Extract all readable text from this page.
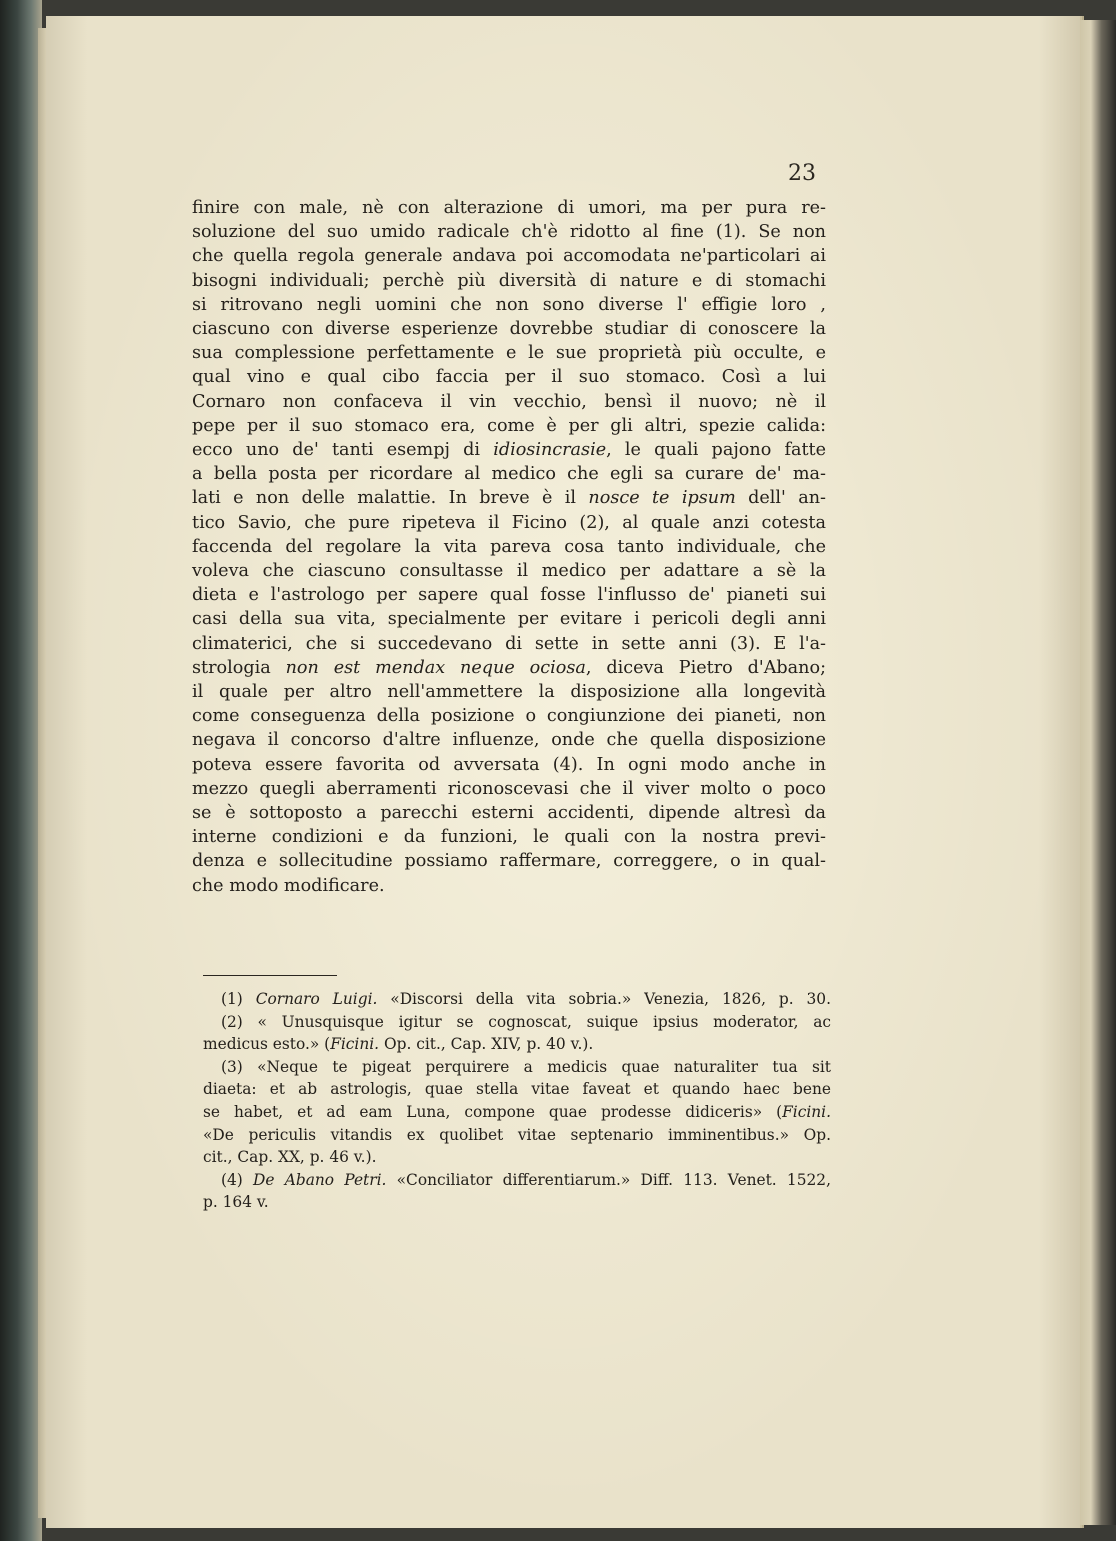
23
finire con male, nè con alterazione di umori, ma per pura re-
soluzione del suo umido radicale ch'è ridotto al fine (1). Se non
che quella regola generale andava poi accomodata ne'particolari ai
bisogni individuali; perchè più diversità di nature e di stomachi
si ritrovano negli uomini che non sono diverse l' effigie loro ,
ciascuno con diverse esperienze dovrebbe studiar di conoscere la
sua complessione perfettamente e le sue proprietà più occulte, e
qual vino e qual cibo faccia per il suo stomaco. Così a lui
Cornaro non confaceva il vin vecchio, bensì il nuovo; nè il
pepe per il suo stomaco era, come è per gli altri, spezie calida:
ecco uno de' tanti esempj di idiosincrasie, le quali pajono fatte
a bella posta per ricordare al medico che egli sa curare de' ma-
lati e non delle malattie. In breve è il nosce te ipsum dell' an-
tico Savio, che pure ripeteva il Ficino (2), al quale anzi cotesta
faccenda del regolare la vita pareva cosa tanto individuale, che
voleva che ciascuno consultasse il medico per adattare a sè la
dieta e l'astrologo per sapere qual fosse l'influsso de' pianeti sui
casi della sua vita, specialmente per evitare i pericoli degli anni
climaterici, che si succedevano di sette in sette anni (3). E l'a-
strologia non est mendax neque ociosa, diceva Pietro d'Abano;
il quale per altro nell'ammettere la disposizione alla longevità
come conseguenza della posizione o congiunzione dei pianeti, non
negava il concorso d'altre influenze, onde che quella disposizione
poteva essere favorita od avversata (4). In ogni modo anche in
mezzo quegli aberramenti riconoscevasi che il viver molto o poco
se è sottoposto a parecchi esterni accidenti, dipende altresì da
interne condizioni e da funzioni, le quali con la nostra previ-
denza e sollecitudine possiamo raffermare, correggere, o in qual-
che modo modificare.
(1) Cornaro Luigi. «Discorsi della vita sobria.» Venezia, 1826, p. 30.
(2) « Unusquisque igitur se cognoscat, suique ipsius moderator, ac
medicus esto.» (Ficini. Op. cit., Cap. XIV, p. 40 v.).
(3) «Neque te pigeat perquirere a medicis quae naturaliter tua sit
diaeta: et ab astrologis, quae stella vitae faveat et quando haec bene
se habet, et ad eam Luna, compone quae prodesse didiceris» (Ficini.
«De periculis vitandis ex quolibet vitae septenario imminentibus.» Op.
cit., Cap. XX, p. 46 v.).
(4) De Abano Petri. «Conciliator differentiarum.» Diff. 113. Venet. 1522,
p. 164 v.
